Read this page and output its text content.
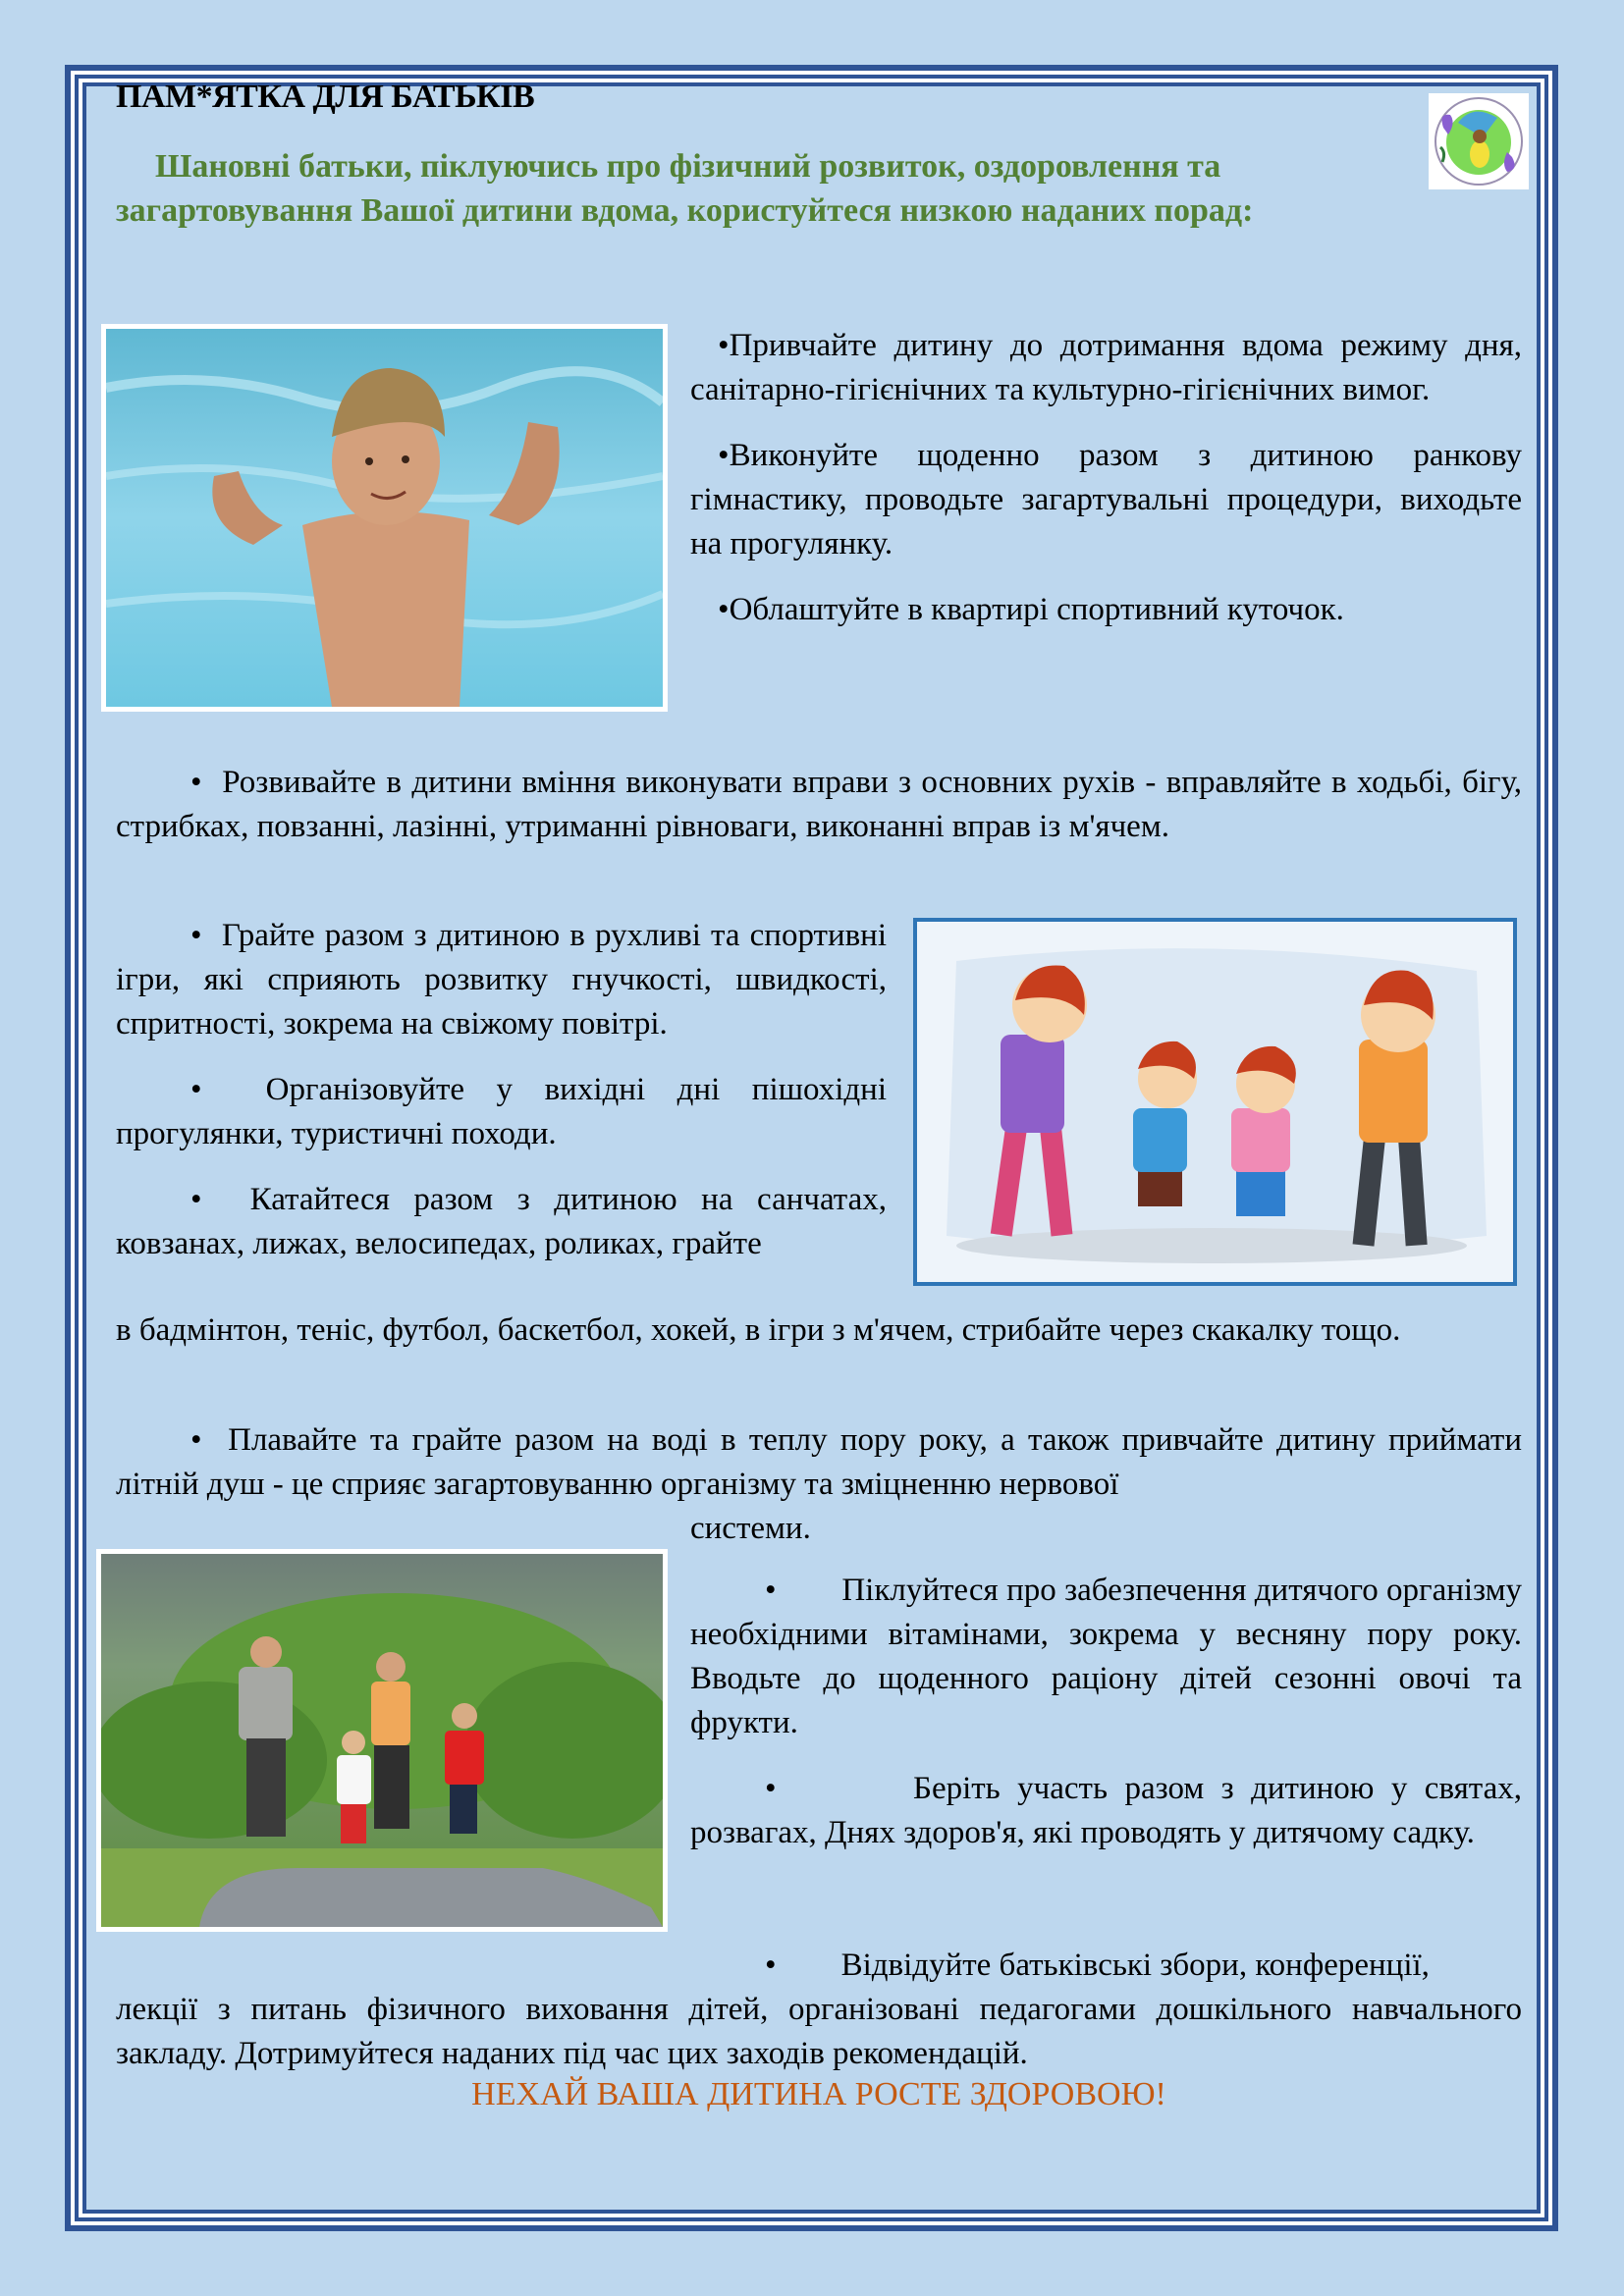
ПАМ*ЯТКА ДЛЯ БАТЬКІВ
Шановні батьки, піклуючись про фізичний розвиток, оздоровлення та загартовування Вашої дитини вдома, користуйтеся низкою наданих порад:

•Привчайте дитину до дотримання вдома режиму дня, санітарно-гігієнічних та культурно-гігієнічних вимог.

•Виконуйте щоденно разом з дитиною ранкову гімнастику, проводьте загартувальні процедури, виходьте на прогулянку.

•Облаштуйте в квартирі спортивний куточок.

• Розвивайте в дитини вміння виконувати вправи з основних рухів - вправляйте в ходьбі, бігу, стрибках, повзанні, лазінні, утриманні рівноваги, виконанні вправ із м'ячем.

• Грайте разом з дитиною в рухливі та спортивні ігри, які сприяють розвитку гнучкості, швидкості, спритності, зокрема на свіжому повітрі.

• Організовуйте у вихідні дні пішохідні прогулянки, туристичні походи.

• Катайтеся разом з дитиною на санчатах, ковзанах, лижах, велосипедах, роликах, грайте

в бадмінтон, теніс, футбол, баскетбол, хокей, в ігри з м'ячем, стрибайте через скакалку тощо.

• Плавайте та грайте разом на воді в теплу пору року, а також привчайте дитину приймати літній душ - це сприяє загартовуванню організму та зміцненню нервової

системи.

• Піклуйтеся про забезпечення дитячого організму необхідними вітамінами, зокрема у весняну пору року. Вводьте до щоденного раціону дітей сезонні овочі та фрукти.

•	Беріть участь разом з дитиною у святах, розвагах, Днях здоров'я, які проводять у дитячому садку.

• Відвідуйте батьківські збори, конференції,

лекції з питань фізичного виховання дітей, організовані педагогами дошкільного навчального закладу. Дотримуйтеся наданих під час цих заходів рекомендацій.

НЕХАЙ ВАША ДИТИНА РОСТЕ ЗДОРОВОЮ!
